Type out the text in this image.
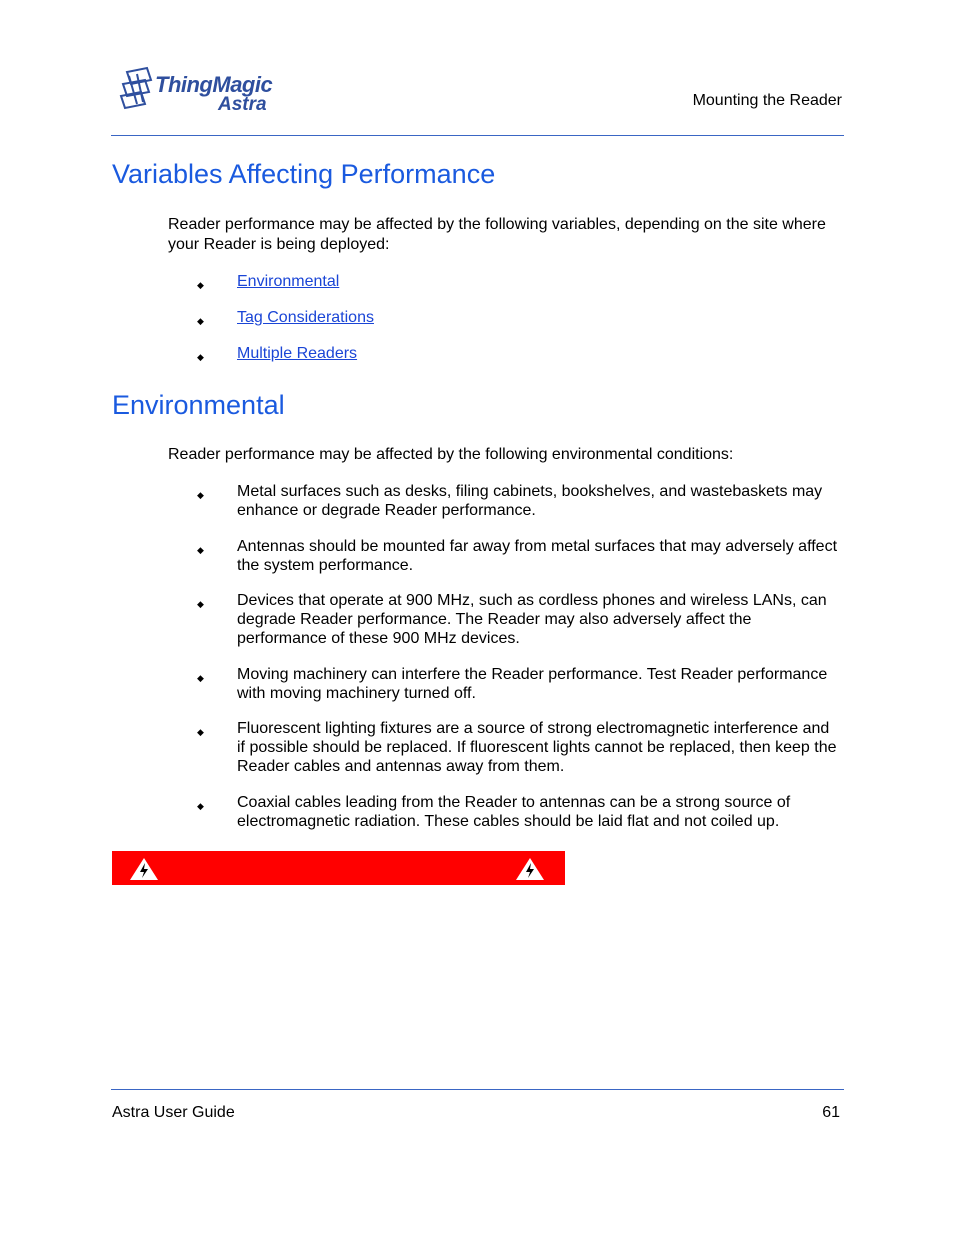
ThingMagic
Astra	Mounting the Reader
Variables Affecting Performance

Reader performance may be affected by the following variables, depending on the site where your Reader is being deployed:

◆ Environmental
◆ Tag Considerations
◆ Multiple Readers
Environmental

Reader performance may be affected by the following environmental conditions:

◆ Metal surfaces such as desks, filing cabinets, bookshelves, and wastebaskets may enhance or degrade Reader performance.
◆ Antennas should be mounted far away from metal surfaces that may adversely affect the system performance.
◆ Devices that operate at 900 MHz, such as cordless phones and wireless LANs, can degrade Reader performance. The Reader may also adversely affect the performance of these 900 MHz devices.
◆ Moving machinery can interfere the Reader performance. Test Reader performance with moving machinery turned off.
◆ Fluorescent lighting fixtures are a source of strong electromagnetic interference and if possible should be replaced. If fluorescent lights cannot be replaced, then keep the Reader cables and antennas away from them.
◆ Coaxial cables leading from the Reader to antennas can be a strong source of electromagnetic radiation. These cables should be laid flat and not coiled up.
Astra User Guide	61
